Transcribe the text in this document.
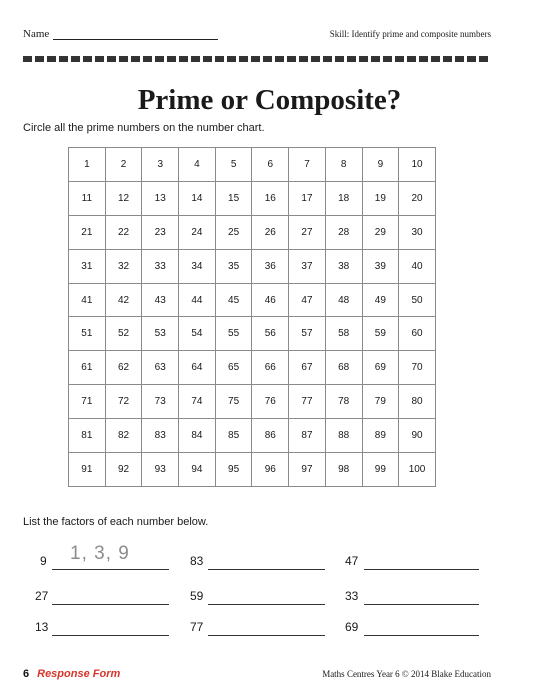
Name	Skill: Identify prime and composite numbers
Prime or Composite?
Circle all the prime numbers on the number chart.
1	2	3	4	5	6	7	8	9	10
11	12	13	14	15	16	17	18	19	20
21	22	23	24	25	26	27	28	29	30
31	32	33	34	35	36	37	38	39	40
41	42	43	44	45	46	47	48	49	50
51	52	53	54	55	56	57	58	59	60
61	62	63	64	65	66	67	68	69	70
71	72	73	74	75	76	77	78	79	80
81	82	83	84	85	86	87	88	89	90
91	92	93	94	95	96	97	98	99	100
List the factors of each number below.
9 1, 3, 9	83	47
27	59	33
13	77	69
6 Response Form	Maths Centres Year 6 © 2014 Blake Education
